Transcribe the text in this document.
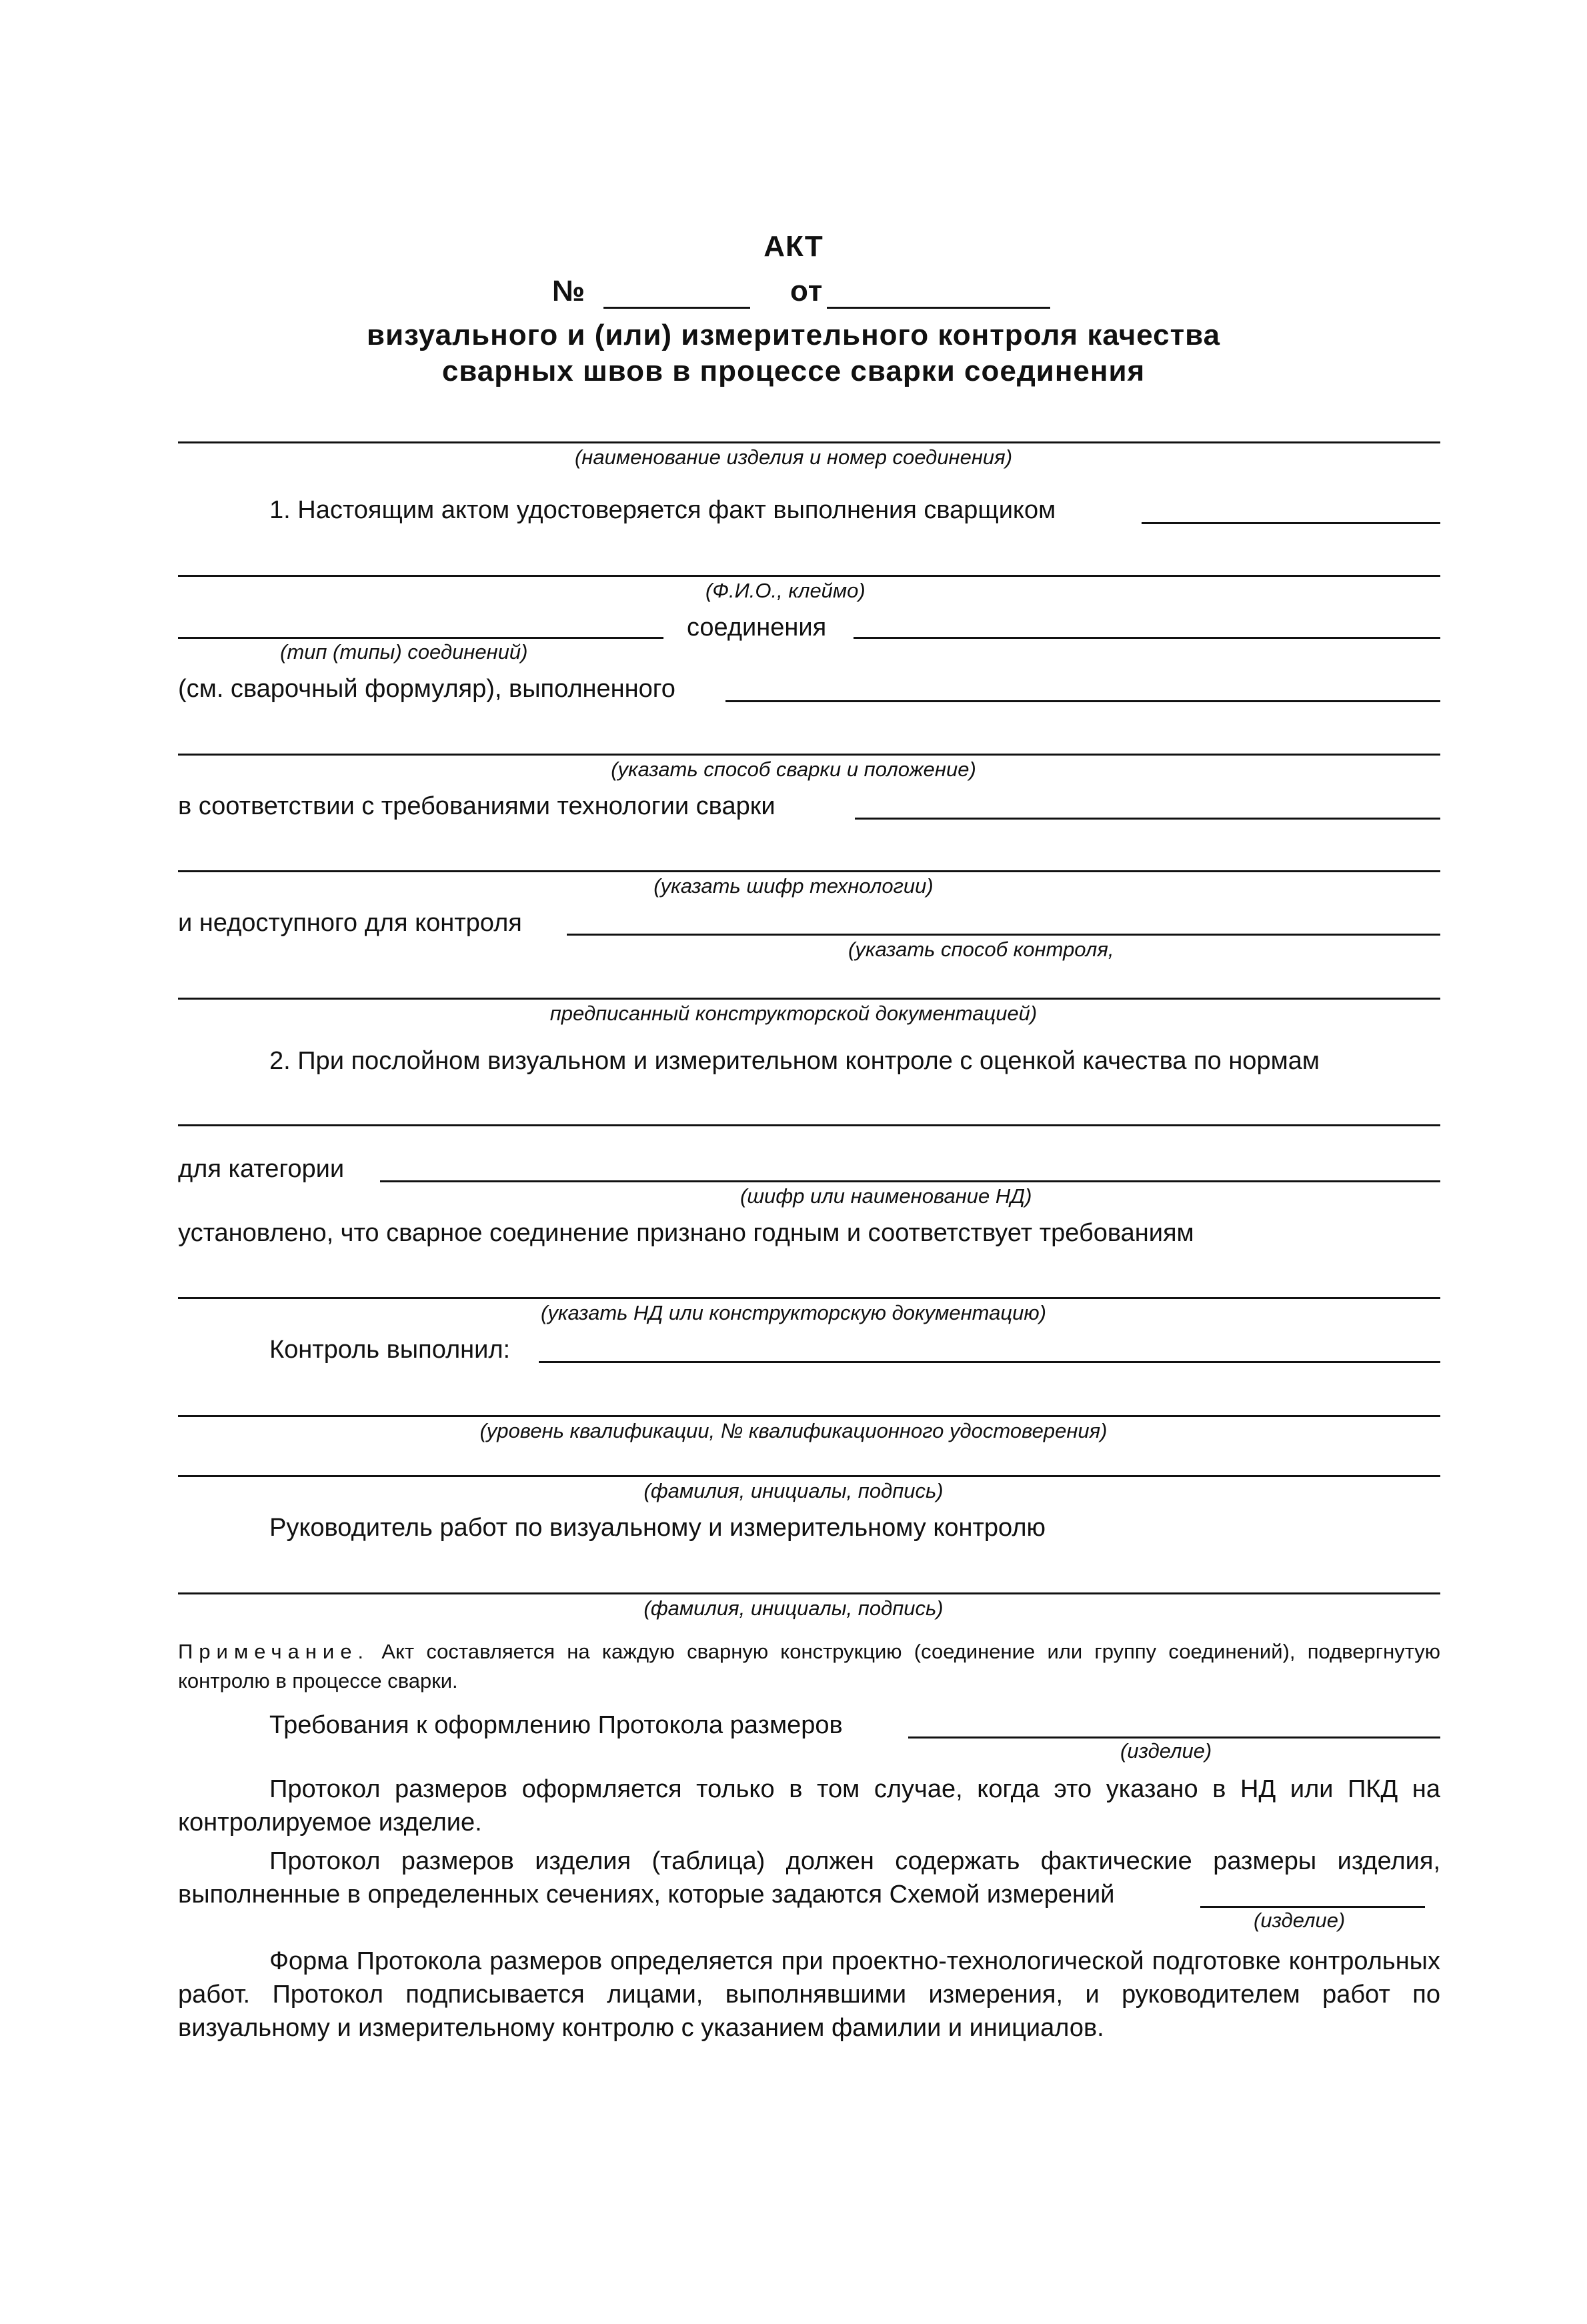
АКТ
№	от
визуального и (или) измерительного контроля качества
сварных швов в процессе сварки соединения
(наименование изделия и номер соединения)
1. Настоящим актом удостоверяется факт выполнения сварщиком
(Ф.И.О., клеймо)
соединения
(тип (типы) соединений)
(см. сварочный формуляр), выполненного
(указать способ сварки и положение)
в соответствии с требованиями технологии сварки
(указать шифр технологии)
и недоступного для контроля
(указать способ контроля,
предписанный конструкторской документацией)
2. При послойном визуальном и измерительном контроле с оценкой качества по нормам
для категории
(шифр или наименование НД)
установлено, что сварное соединение признано годным и соответствует требованиям
(указать НД или конструкторскую документацию)
Контроль выполнил:
(уровень квалификации, № квалификационного удостоверения)
(фамилия, инициалы, подпись)
Руководитель работ по визуальному и измерительному контролю
(фамилия, инициалы, подпись)
Примечание. Акт составляется на каждую сварную конструкцию (соединение или группу соединений), подвергнутую контролю в процессе сварки.
Требования к оформлению Протокола размеров
(изделие)
Протокол размеров оформляется только в том случае, когда это указано в НД или ПКД на контролируемое изделие.
Протокол размеров изделия (таблица) должен содержать фактические размеры изделия, выполненные в определенных сечениях, которые задаются Схемой измерений
(изделие)
Форма Протокола размеров определяется при проектно-технологической подготовке контрольных работ. Протокол подписывается лицами, выполнявшими измерения, и руководителем работ по визуальному и измерительному контролю с указанием фамилии и инициалов.
